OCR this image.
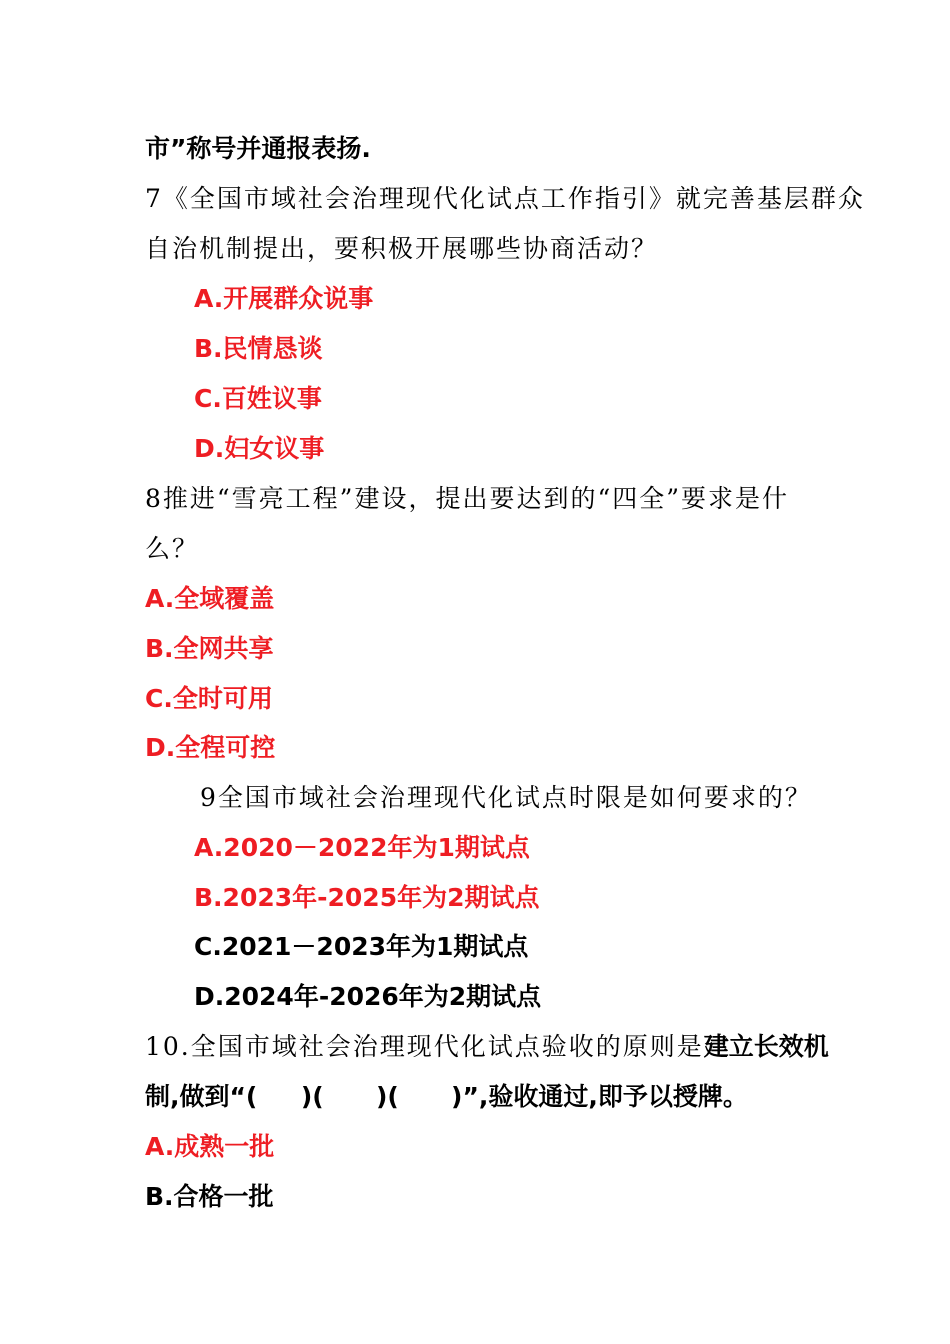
市”称号并通报表扬.
7《全国市域社会治理现代化试点工作指引》就完善基层群众
自治机制提出，要积极开展哪些协商活动？
A.开展群众说事
B.民情恳谈
C.百姓议事
D.妇女议事
8推进“雪亮工程”建设，提出要达到的“四全”要求是什
么？
A.全域覆盖
B.全网共享
C.全时可用
D.全程可控
9全国市域社会治理现代化试点时限是如何要求的？
A.2020－2022年为1期试点
B.2023年-2025年为2期试点
C.2021－2023年为1期试点
D.2024年-2026年为2期试点
10.全国市域社会治理现代化试点验收的原则是建立长效机
制,做到“(     )(      )(      )”,验收通过,即予以授牌。
A.成熟一批
B.合格一批
